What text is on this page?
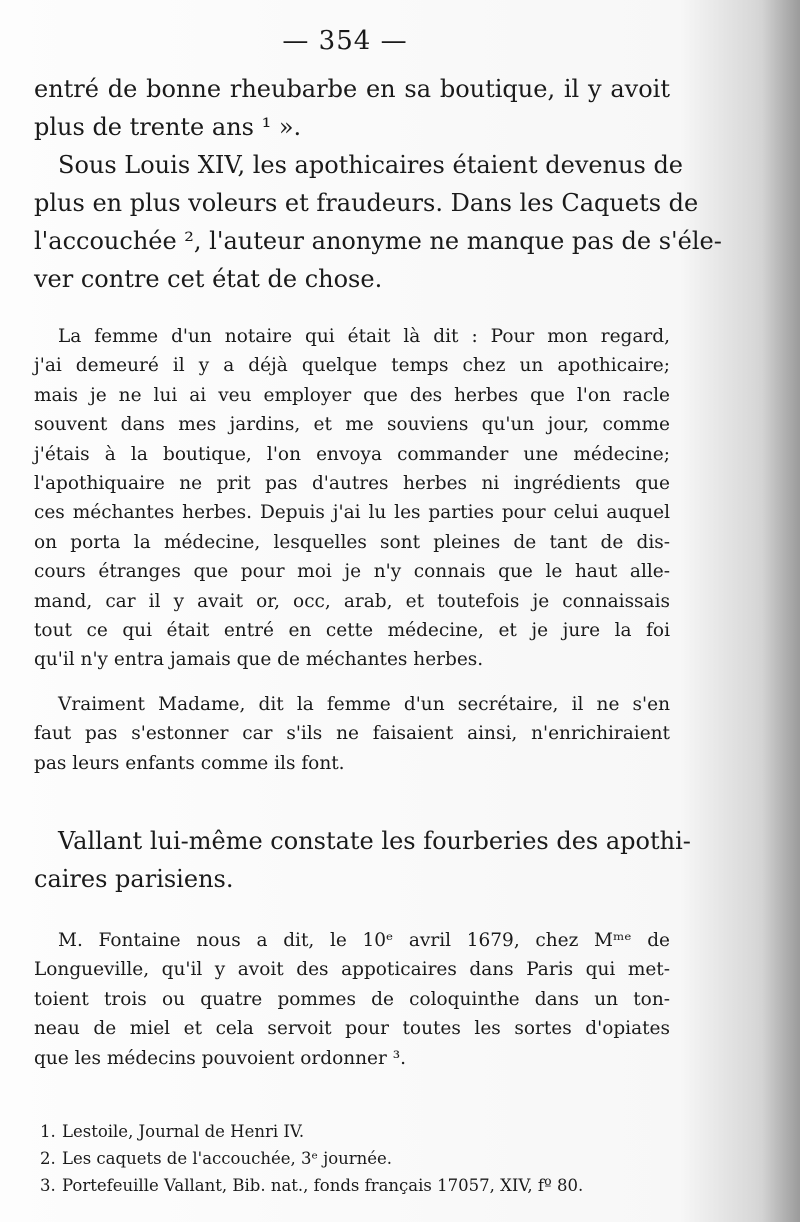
— 354 —
entré de bonne rheubarbe en sa boutique, il y avoit
plus de trente ans ¹ ».
Sous Louis XIV, les apothicaires étaient devenus de
plus en plus voleurs et fraudeurs. Dans les Caquets de
l'accouchée ², l'auteur anonyme ne manque pas de s'éle-
ver contre cet état de chose.
La femme d'un notaire qui était là dit : Pour mon regard,
j'ai demeuré il y a déjà quelque temps chez un apothicaire;
mais je ne lui ai veu employer que des herbes que l'on racle
souvent dans mes jardins, et me souviens qu'un jour, comme
j'étais à la boutique, l'on envoya commander une médecine;
l'apothiquaire ne prit pas d'autres herbes ni ingrédients que
ces méchantes herbes. Depuis j'ai lu les parties pour celui auquel
on porta la médecine, lesquelles sont pleines de tant de dis-
cours étranges que pour moi je n'y connais que le haut alle-
mand, car il y avait or, occ, arab, et toutefois je connaissais
tout ce qui était entré en cette médecine, et je jure la foi
qu'il n'y entra jamais que de méchantes herbes.
Vraiment Madame, dit la femme d'un secrétaire, il ne s'en
faut pas s'estonner car s'ils ne faisaient ainsi, n'enrichiraient
pas leurs enfants comme ils font.
Vallant lui-même constate les fourberies des apothi-
caires parisiens.
M. Fontaine nous a dit, le 10ᵉ avril 1679, chez Mᵐᵉ de
Longueville, qu'il y avoit des appoticaires dans Paris qui met-
toient trois ou quatre pommes de coloquinthe dans un ton-
neau de miel et cela servoit pour toutes les sortes d'opiates
que les médecins pouvoient ordonner ³.
1. Lestoile, Journal de Henri IV.
2. Les caquets de l'accouchée, 3ᵉ journée.
3. Portefeuille Vallant, Bib. nat., fonds français 17057, XIV, fº 80.
